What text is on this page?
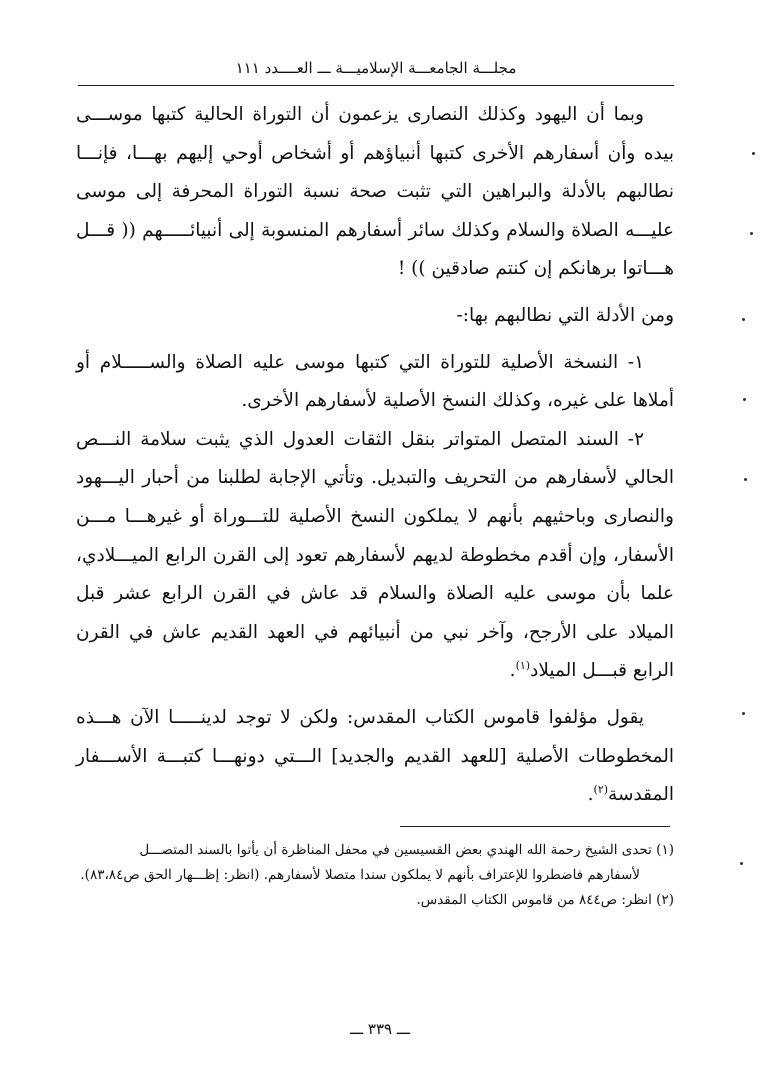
مجلـــة الجامعـــة الإسلاميـــة ـــ العــــدد ١١١

وبما أن اليهود وكذلك النصارى يزعمون أن التوراة الحالية كتبها موســـى بيده وأن أسفارهم الأخرى كتبها أنبياؤهم أو أشخاص أوحي إليهم بهـــا، فإنـــا نطالبهم بالأدلة والبراهين التي تثبت صحة نسبة التوراة المحرفة إلى موسى عليـــه الصلاة والسلام وكذلك سائر أسفارهم المنسوبة إلى أنبيائـــــهم (( قـــل هـــاتوا برهانكم إن كنتم صادقين )) !

ومن الأدلة التي نطالبهم بها:-

١- النسخة الأصلية للتوراة التي كتبها موسى عليه الصلاة والســـــلام أو أملاها على غيره، وكذلك النسخ الأصلية لأسفارهم الأخرى.

٢- السند المتصل المتواتر بنقل الثقات العدول الذي يثبت سلامة النـــص الحالي لأسفارهم من التحريف والتبديل. وتأتي الإجابة لطلبنا من أحبار اليـــهود والنصارى وباحثيهم بأنهم لا يملكون النسخ الأصلية للتـــوراة أو غيرهـــا مـــن الأسفار، وإن أقدم مخطوطة لديهم لأسفارهم تعود إلى القرن الرابع الميـــلادي، علما بأن موسى عليه الصلاة والسلام قد عاش في القرن الرابع عشر قبل الميلاد على الأرجح، وآخر نبي من أنبيائهم في العهد القديم عاش في القرن الرابع قبـــل الميلاد$^{(١)}$.

يقول مؤلفوا قاموس الكتاب المقدس: ولكن لا توجد لدينـــــا الآن هـــذه المخطوطات الأصلية [للعهد القديم والجديد] الـــتي دونهـــا كتبـــة الأســـفار المقدسة$^{(٢)}$.

(١) تحدى الشيخ رحمة الله الهندي بعض القسيسين في محفل المناظرة أن يأتوا بالسند المتصـــل

لأسفارهم فاضطروا للإعتراف بأنهم لا يملكون سندا متصلا لأسفارهم. (انظر: إظـــهار الحق ص٨٣،٨٤).

(٢) انظر: ص٨٤٤ من قاموس الكتاب المقدس.

ـــ ٣٣٩ ـــ
